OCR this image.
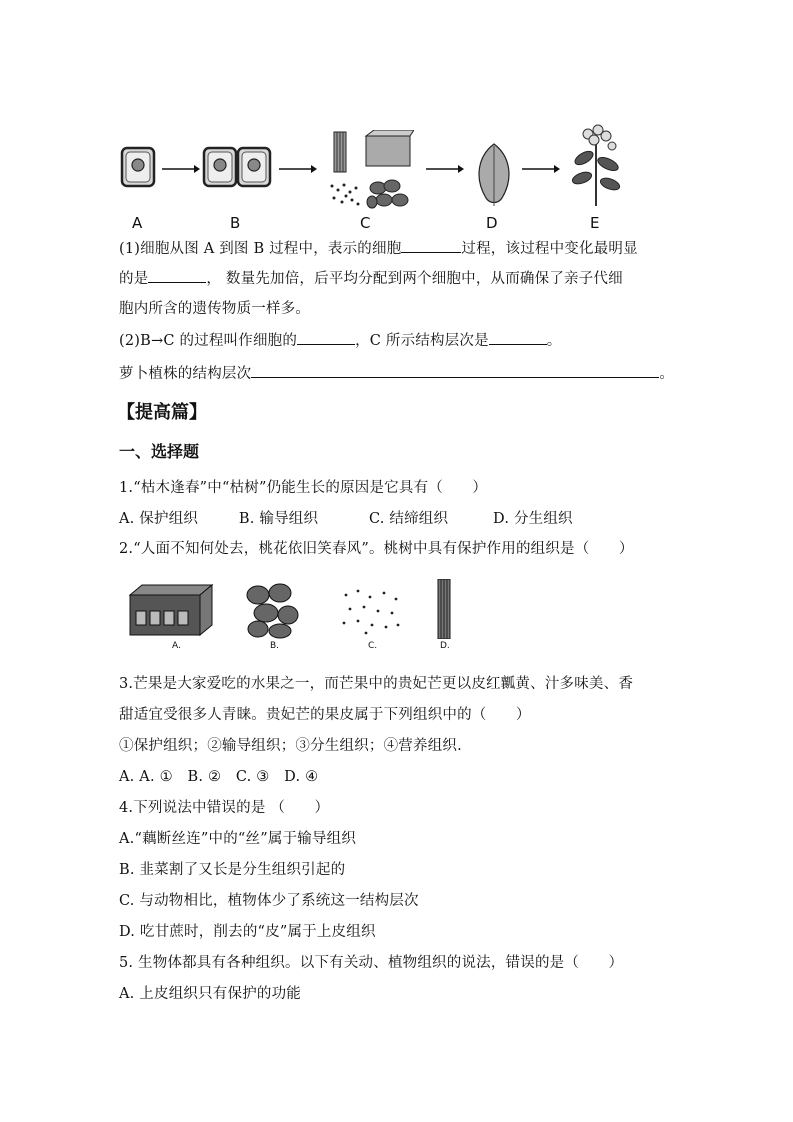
A	B	C	D	E
(1)细胞从图 A 到图 B 过程中，表示的细胞	过程，该过程中变化最明显
的是	， 数量先加倍，后平均分配到两个细胞中，从而确保了亲子代细
胞内所含的遗传物质一样多。
(2)B→C 的过程叫作细胞的	，C 所示结构层次是	。
萝卜植株的结构层次	。
【提高篇】
一、选择题
1.“枯木逢春”中“枯树”仍能生长的原因是它具有（　　）
A. 保护组织	B. 输导组织	C. 结缔组织	D. 分生组织
2.“人面不知何处去，桃花依旧笑春风”。桃树中具有保护作用的组织是（　　）
A.	B.	C.	D.
3.芒果是大家爱吃的水果之一，而芒果中的贵妃芒更以皮红瓤黄、汁多味美、香
甜适宜受很多人青睐。贵妃芒的果皮属于下列组织中的（　　）
①保护组织；②输导组织；③分生组织；④营养组织.
A. A. ①　B. ②　C. ③　D. ④
4.下列说法中错误的是 （　　）
A.“藕断丝连”中的“丝”属于输导组织
B. 韭菜割了又长是分生组织引起的
C. 与动物相比，植物体少了系统这一结构层次
D. 吃甘蔗时，削去的“皮”属于上皮组织
5. 生物体都具有各种组织。以下有关动、植物组织的说法，错误的是（　　）
A. 上皮组织只有保护的功能
